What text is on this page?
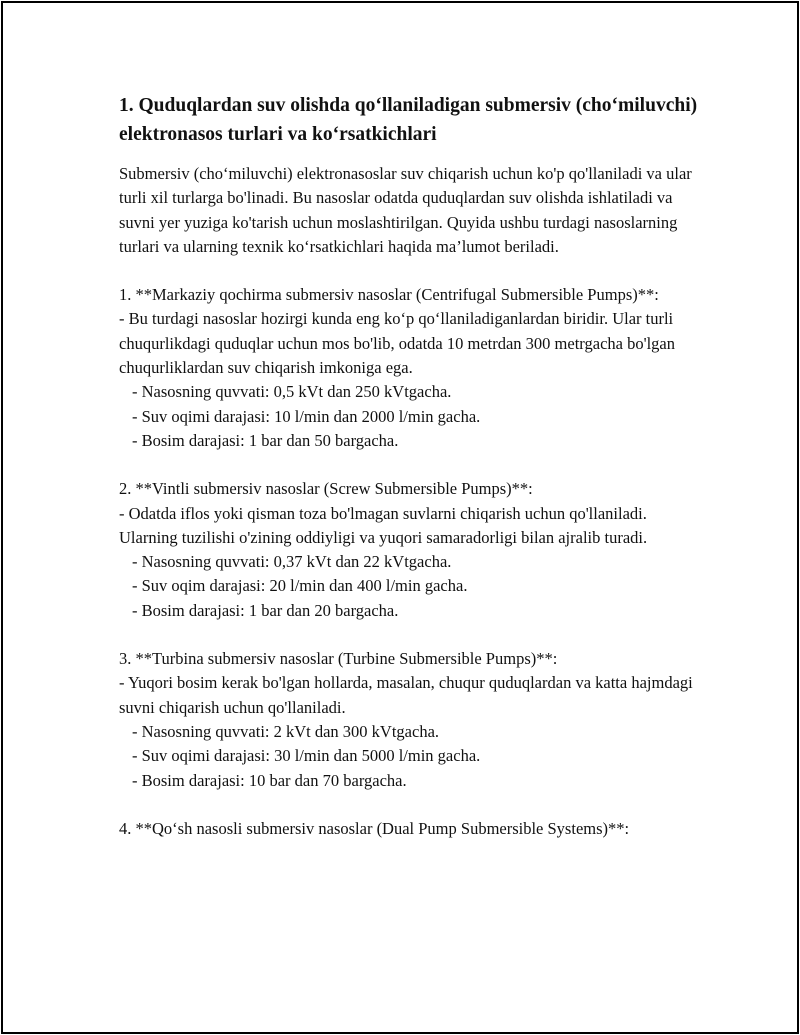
1. Quduqlardan suv olishda qo‘llaniladigan submersiv (cho‘miluvchi) elektronasos turlari va ko‘rsatkichlari

Submersiv (cho‘miluvchi) elektronasoslar suv chiqarish uchun ko'p qo'llaniladi va ular turli xil turlarga bo'linadi. Bu nasoslar odatda quduqlardan suv olishda ishlatiladi va suvni yer yuziga ko'tarish uchun moslashtirilgan. Quyida ushbu turdagi nasoslarning turlari va ularning texnik ko‘rsatkichlari haqida ma’lumot beriladi.

1. **Markaziy qochirma submersiv nasoslar (Centrifugal Submersible Pumps)**:

- Bu turdagi nasoslar hozirgi kunda eng ko‘p qo‘llaniladiganlardan biridir. Ular turli chuqurlikdagi quduqlar uchun mos bo'lib, odatda 10 metrdan 300 metrgacha bo'lgan chuqurliklardan suv chiqarish imkoniga ega.

- Nasosning quvvati: 0,5 kVt dan 250 kVtgacha.

- Suv oqimi darajasi: 10 l/min dan 2000 l/min gacha.

- Bosim darajasi: 1 bar dan 50 bargacha.

2. **Vintli submersiv nasoslar (Screw Submersible Pumps)**:

- Odatda iflos yoki qisman toza bo'lmagan suvlarni chiqarish uchun qo'llaniladi. Ularning tuzilishi o'zining oddiyligi va yuqori samaradorligi bilan ajralib turadi.

- Nasosning quvvati: 0,37 kVt dan 22 kVtgacha.

- Suv oqim darajasi: 20 l/min dan 400 l/min gacha.

- Bosim darajasi: 1 bar dan 20 bargacha.

3. **Turbina submersiv nasoslar (Turbine Submersible Pumps)**:

- Yuqori bosim kerak bo'lgan hollarda, masalan, chuqur quduqlardan va katta hajmdagi suvni chiqarish uchun qo'llaniladi.

- Nasosning quvvati: 2 kVt dan 300 kVtgacha.

- Suv oqimi darajasi: 30 l/min dan 5000 l/min gacha.

- Bosim darajasi: 10 bar dan 70 bargacha.

4. **Qo‘sh nasosli submersiv nasoslar (Dual Pump Submersible Systems)**:
